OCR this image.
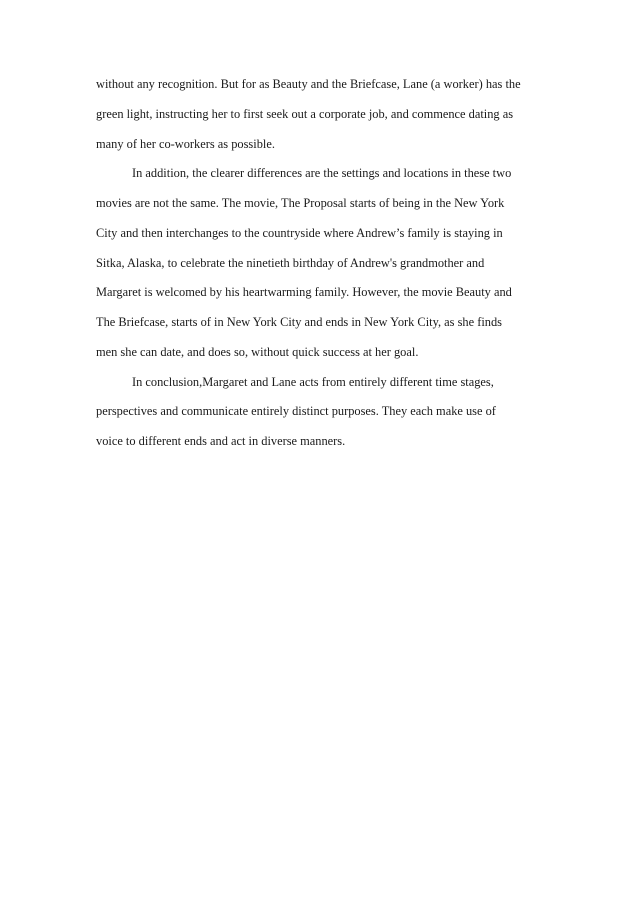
without any recognition. But for as Beauty and the Briefcase, Lane (a worker) has the
green light, instructing her to first seek out a corporate job, and commence dating as
many of her co-workers as possible.
In addition, the clearer differences are the settings and locations in these two
movies are not the same. The movie, The Proposal starts of being in the New York
City and then interchanges to the countryside where Andrew’s family is staying in
Sitka, Alaska, to celebrate the ninetieth birthday of Andrew's grandmother and
Margaret is welcomed by his heartwarming family. However, the movie Beauty and
The Briefcase, starts of in New York City and ends in New York City, as she finds
men she can date, and does so, without quick success at her goal.
In conclusion,Margaret and Lane acts from entirely different time stages,
perspectives and communicate entirely distinct purposes. They each make use of
voice to different ends and act in diverse manners.
